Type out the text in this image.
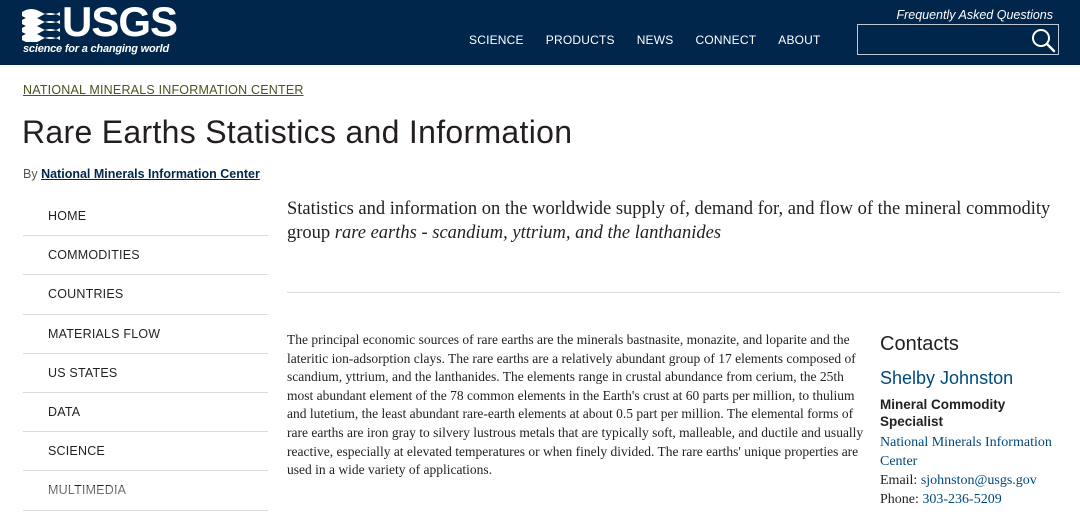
USGS
science for a changing world
SCIENCE	PRODUCTS	NEWS	CONNECT	ABOUT
Frequently Asked Questions
NATIONAL MINERALS INFORMATION CENTER
Rare Earths Statistics and Information
By National Minerals Information Center
HOME
COMMODITIES
COUNTRIES
MATERIALS FLOW
US STATES
DATA
SCIENCE
MULTIMEDIA

Statistics and information on the worldwide supply of, demand for, and flow of the mineral commodity group rare earths - scandium, yttrium, and the lanthanides

The principal economic sources of rare earths are the minerals bastnasite, monazite, and loparite and the lateritic ion-adsorption clays. The rare earths are a relatively abundant group of 17 elements composed of scandium, yttrium, and the lanthanides. The elements range in crustal abundance from cerium, the 25th most abundant element of the 78 common elements in the Earth's crust at 60 parts per million, to thulium and lutetium, the least abundant rare-earth elements at about 0.5 part per million. The elemental forms of rare earths are iron gray to silvery lustrous metals that are typically soft, malleable, and ductile and usually reactive, especially at elevated temperatures or when finely divided. The rare earths' unique properties are used in a wide variety of applications.

Contacts
Shelby Johnston
Mineral Commodity Specialist
National Minerals Information Center
Email: sjohnston@usgs.gov
Phone: 303-236-5209
